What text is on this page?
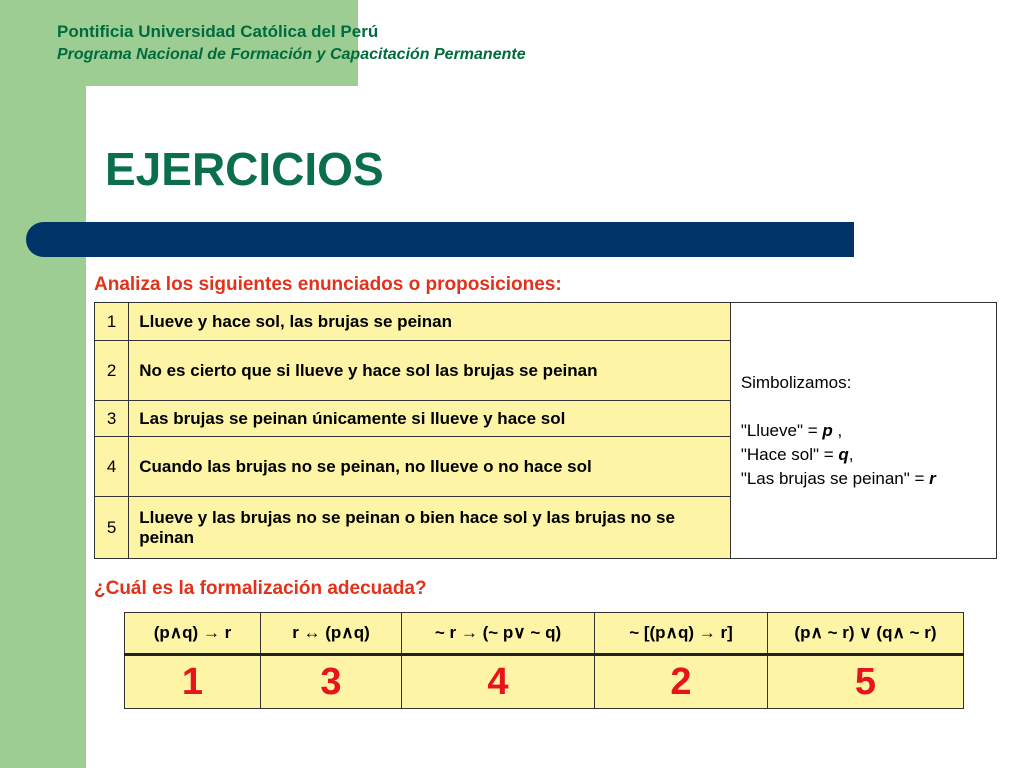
Pontificia Universidad Católica del Perú
Programa Nacional de Formación y Capacitación Permanente
EJERCICIOS
Analiza los siguientes enunciados o proposiciones:
1	Llueve y hace sol, las brujas se peinan	Simbolizamos:

"Llueve" = p ,
"Hace sol" = q,
"Las brujas se peinan" = r

2	No es cierto que si llueve y hace sol las brujas se peinan	
3	Las brujas se peinan únicamente si llueve y hace sol	
4	Cuando las brujas no se peinan, no llueve o no hace sol	
5	Llueve y las brujas no se peinan o bien hace sol y las brujas no se peinan	
¿Cuál es la formalización adecuada?
(p∧q) → r	r ↔ (p∧q)	~ r → (~ p∨ ~ q)	~ [(p∧q) → r]	(p∧ ~ r) ∨ (q∧ ~ r)
1	3	4	2	5
